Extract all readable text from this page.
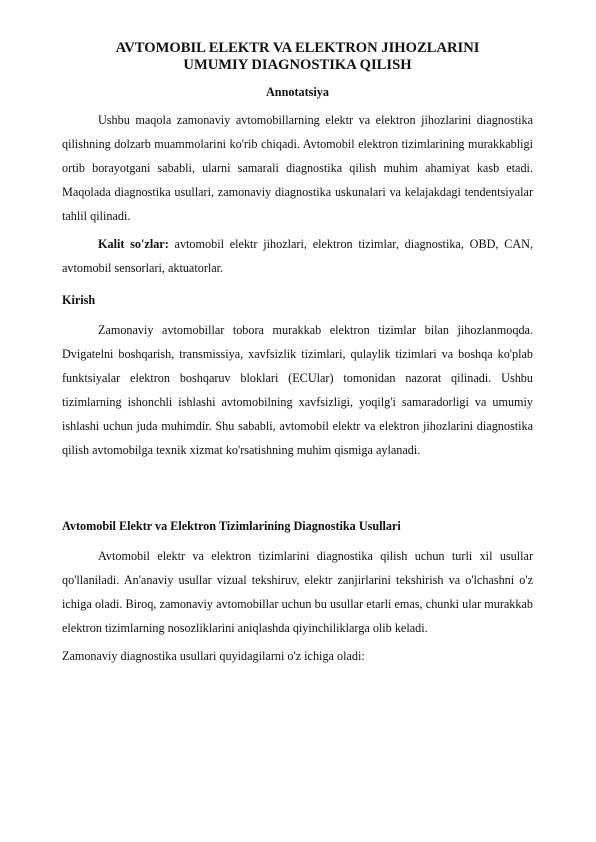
AVTOMOBIL ELEKTR VA ELEKTRON JIHOZLARINI
UMUMIY DIAGNOSTIKA QILISH
Annotatsiya

Ushbu maqola zamonaviy avtomobillarning elektr va elektron jihozlarini diagnostika qilishning dolzarb muammolarini ko'rib chiqadi. Avtomobil elektron tizimlarining murakkabligi ortib borayotgani sababli, ularni samarali diagnostika qilish muhim ahamiyat kasb etadi. Maqolada diagnostika usullari, zamonaviy diagnostika uskunalari va kelajakdagi tendentsiyalar tahlil qilinadi.

Kalit so'zlar: avtomobil elektr jihozlari, elektron tizimlar, diagnostika, OBD, CAN, avtomobil sensorlari, aktuatorlar.

Kirish

Zamonaviy avtomobillar tobora murakkab elektron tizimlar bilan jihozlanmoqda. Dvigatelni boshqarish, transmissiya, xavfsizlik tizimlari, qulaylik tizimlari va boshqa ko'plab funktsiyalar elektron boshqaruv bloklari (ECUlar) tomonidan nazorat qilinadi. Ushbu tizimlarning ishonchli ishlashi avtomobilning xavfsizligi, yoqilg'i samaradorligi va umumiy ishlashi uchun juda muhimdir. Shu sababli, avtomobil elektr va elektron jihozlarini diagnostika qilish avtomobilga texnik xizmat ko'rsatishning muhim qismiga aylanadi.

Avtomobil Elektr va Elektron Tizimlarining Diagnostika Usullari

Avtomobil elektr va elektron tizimlarini diagnostika qilish uchun turli xil usullar qo'llaniladi. An'anaviy usullar vizual tekshiruv, elektr zanjirlarini tekshirish va o'lchashni o'z ichiga oladi. Biroq, zamonaviy avtomobillar uchun bu usullar etarli emas, chunki ular murakkab elektron tizimlarning nosozliklarini aniqlashda qiyinchiliklarga olib keladi.

Zamonaviy diagnostika usullari quyidagilarni o'z ichiga oladi:
